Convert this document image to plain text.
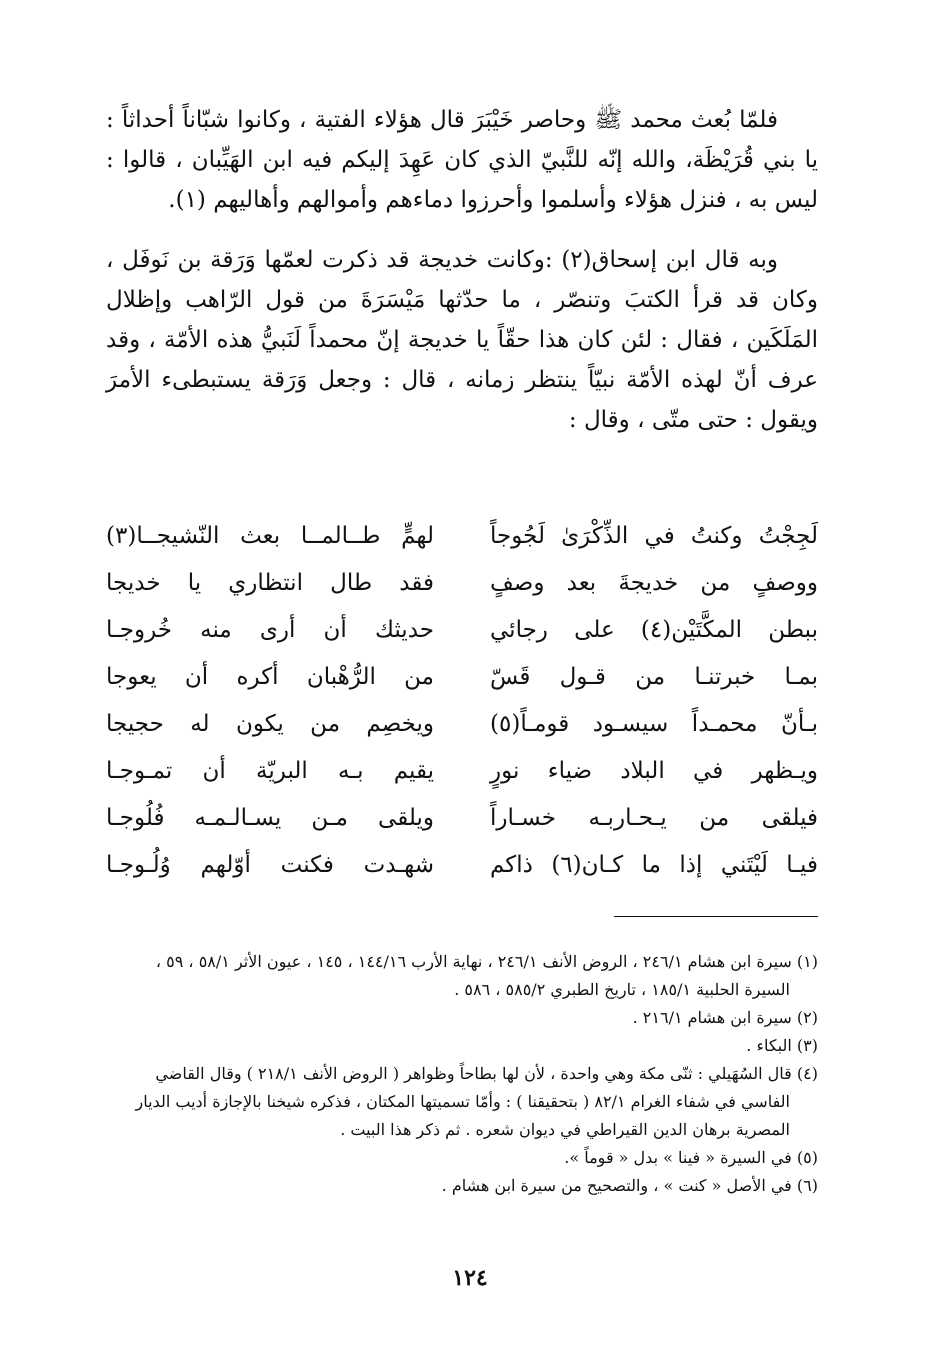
فلمّا بُعث محمد ﷺ وحاصر خَيْبَرَ قال هؤلاء الفتية ، وكانوا شبّاناً أحداثاً : يا بني قُرَيْظَة، والله إنّه للنَّبيّ الذي كان عَهِدَ إليكم فيه ابن الهَيِّبان ، قالوا : ليس به ، فنزل هؤلاء وأسلموا وأحرزوا دماءهم وأموالهم وأهاليهم (١).

وبه قال ابن إسحاق(٢) :وكانت خديجة قد ذكرت لعمّها وَرَقة بن نَوفَل ، وكان قد قرأ الكتبَ وتنصّر ، ما حدّثها مَيْسَرَةَ من قول الرّاهب وإظلال المَلَكَين ، فقال : لئن كان هذا حقّاً يا خديجة إنّ محمداً لَنَبيُّ هذه الأمّة ، وقد عرف أنّ لهذه الأمّة نبيّاً ينتظر زمانه ، قال : وجعل وَرَقة يستبطىء الأمرَ ويقول : حتى متّى ، وقال :

لَجِجْتُ وكنتُ في الذِّكْرَىٰ لَجُوجاً
لهمٍّ طــالمــا بعث النّشيجــا(٣)
ووصفٍ من خديجةَ بعد وصفٍ
فقد طال انتظاري يا خديجا
ببطن المكَّتَيْن(٤) على رجائي
حديثك أن أرى منه خُروجـا
بمـا خبرتنـا من قـول قَسّ
من الرُّهْبان أكره أن يعوجا
بـأنّ محمـداً سيسـود قومـاً(٥)
ويخصِم من يكون له حجيجا
ويـظهر في البلاد ضياء نورٍ
يقيم بـه البريّة أن تمـوجـا
فيلقى من يـحـاربـه خسـاراً
ويلقى مـن يسـالـمـه فُلُوجـا
فيـا لَيْتَني إذا ما كـان(٦) ذاكم
شهـدت فكنت أوّلهم وُلُـوجـا

(١) سيرة ابن هشام ٢٤٦/١ ، الروض الأنف ٢٤٦/١ ، نهاية الأرب ١٤٤/١٦ ، ١٤٥ ، عيون الأثر ٥٨/١ ، ٥٩ ، السيرة الحلبية ١٨٥/١ ، تاريخ الطبري ٥٨٥/٢ ، ٥٨٦ .

(٢) سيرة ابن هشام ٢١٦/١ .

(٣) البكاء .

(٤) قال السُهَيلي : ثنّى مكة وهي واحدة ، لأن لها بطاحاً وظواهر ( الروض الأنف ٢١٨/١ ) وقال القاضي الفاسي في شفاء الغرام ٨٢/١ ( بتحقيقنا ) : وأمّا تسميتها المكتان ، فذكره شيخنا بالإجازة أديب الديار المصرية برهان الدين القيراطي في ديوان شعره . ثم ذكر هذا البيت .

(٥) في السيرة « فينا » بدل « قوماً ».

(٦) في الأصل « كنت » ، والتصحيح من سيرة ابن هشام .

١٢٤
